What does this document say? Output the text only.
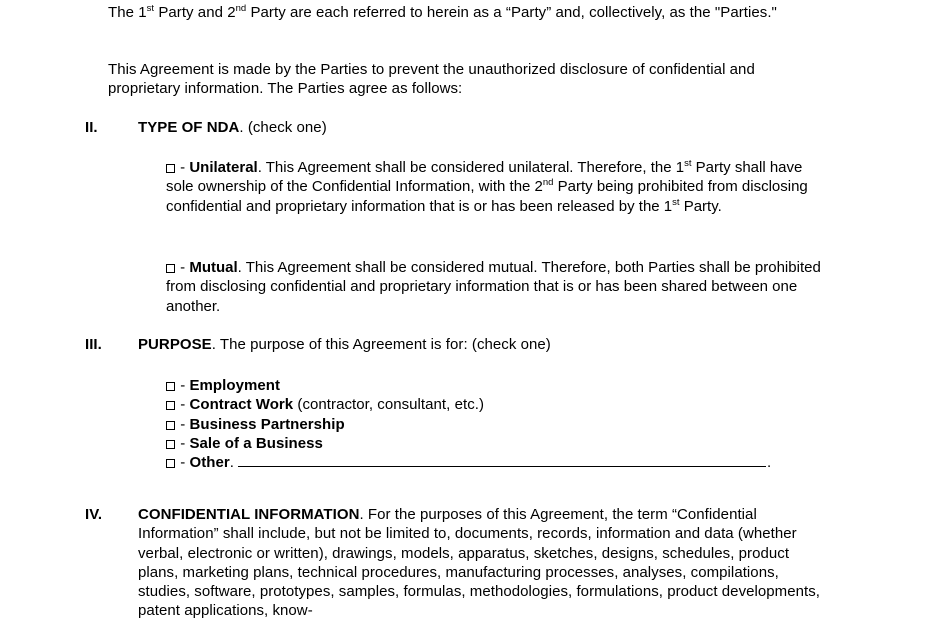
The 1st Party and 2nd Party are each referred to herein as a “Party” and, collectively, as the "Parties."
This Agreement is made by the Parties to prevent the unauthorized disclosure of confidential and proprietary information. The Parties agree as follows:
II.	TYPE OF NDA. (check one)
- Unilateral. This Agreement shall be considered unilateral. Therefore, the 1st Party shall have sole ownership of the Confidential Information, with the 2nd Party being prohibited from disclosing confidential and proprietary information that is or has been released by the 1st Party.
- Mutual. This Agreement shall be considered mutual. Therefore, both Parties shall be prohibited from disclosing confidential and proprietary information that is or has been shared between one another.
III.	PURPOSE. The purpose of this Agreement is for: (check one)
- Employment
- Contract Work (contractor, consultant, etc.)
- Business Partnership
- Sale of a Business
- Other.	.
IV.	CONFIDENTIAL INFORMATION. For the purposes of this Agreement, the term “Confidential Information” shall include, but not be limited to, documents, records, information and data (whether verbal, electronic or written), drawings, models, apparatus, sketches, designs, schedules, product plans, marketing plans, technical procedures, manufacturing processes, analyses, compilations, studies, software, prototypes, samples, formulas, methodologies, formulations, product developments, patent applications, know-
